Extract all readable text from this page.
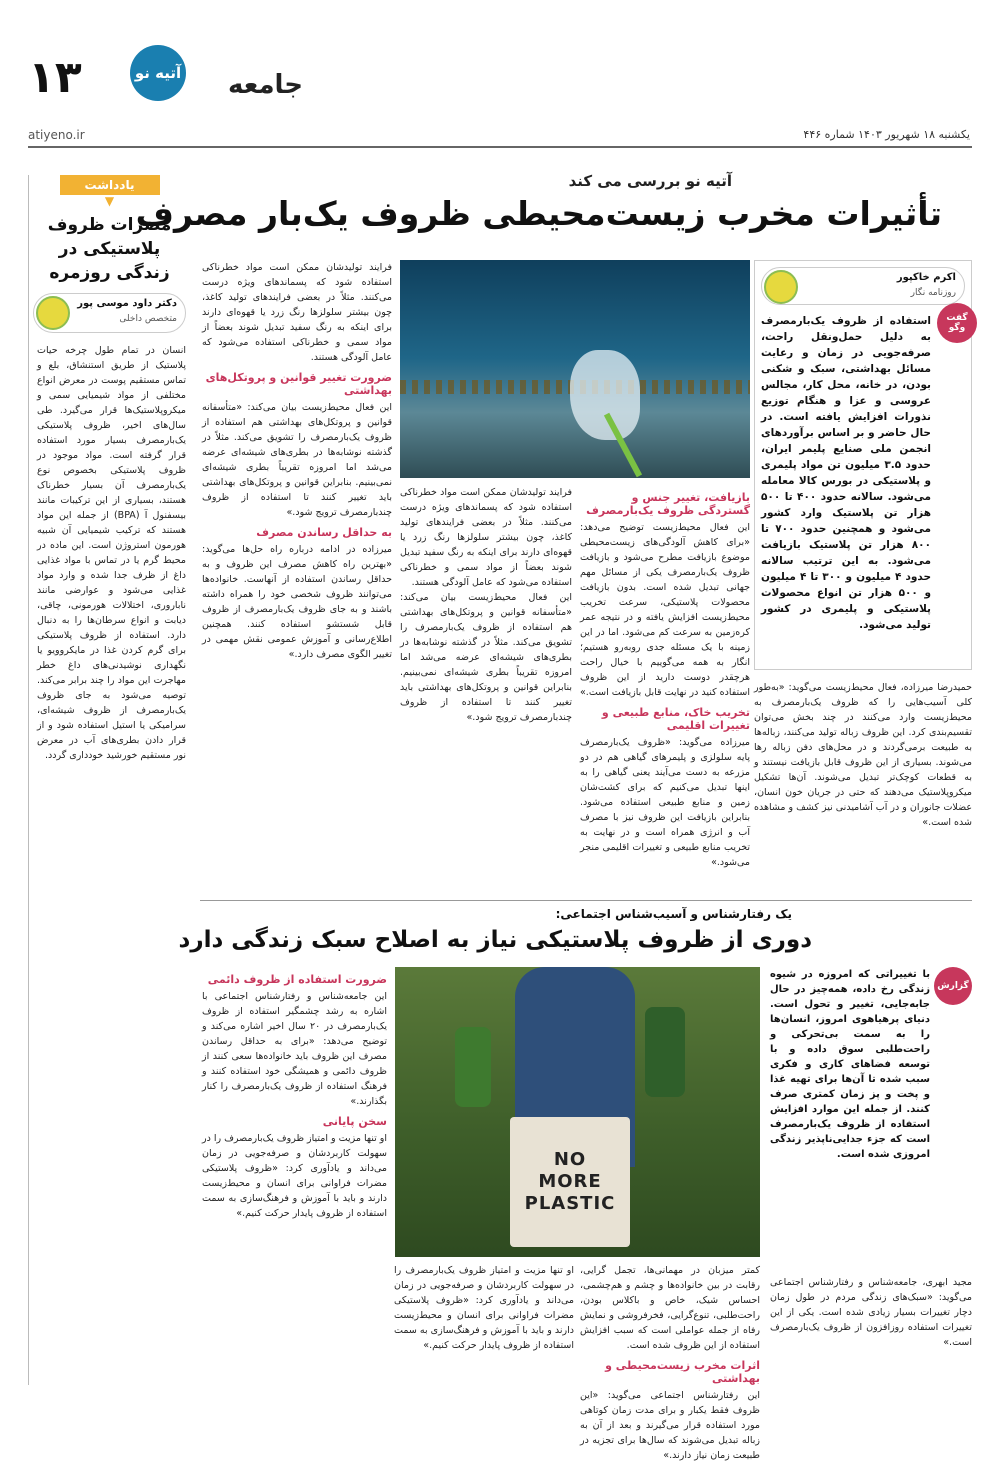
۱۳	آتیه نو جامعه
atiyeno.ir	یکشنبه ۱۸ شهریور ۱۴۰۳ شماره ۴۴۶
یادداشت
▼
مضرات ظروف پلاستیکی در زندگی روزمره
دکتر داود موسی پور
متخصص داخلی

انسان در تمام طول چرخه حیات پلاستیک از طریق استنشاق، بلع و تماس مستقیم پوست در معرض انواع مختلفی از مواد شیمیایی سمی و میکروپلاستیک‌ها قرار می‌گیرد. طی سال‌های اخیر، ظروف پلاستیکی یک‌بارمصرف بسیار مورد استفاده قرار گرفته است. مواد موجود در ظروف پلاستیکی بخصوص نوع یک‌بارمصرف آن بسیار خطرناک هستند، بسیاری از این ترکیبات مانند بیسفنول آ (BPA) از جمله این مواد هستند که ترکیب شیمیایی آن شبیه هورمون استروژن است. این ماده در محیط گرم یا در تماس با مواد غذایی داغ از ظرف جدا شده و وارد مواد غذایی می‌شود و عوارضی مانند ناباروری، اختلالات هورمونی، چاقی، دیابت و انواع سرطان‌ها را به دنبال دارد. استفاده از ظروف پلاستیکی برای گرم کردن غذا در مایکروویو یا نگهداری نوشیدنی‌های داغ خطر مهاجرت این مواد را چند برابر می‌کند. توصیه می‌شود به جای ظروف یک‌بارمصرف از ظروف شیشه‌ای، سرامیکی یا استیل استفاده شود و از قرار دادن بطری‌های آب در معرض نور مستقیم خورشید خودداری گردد.

آتیه نو بررسی می کند
تأثیرات مخرب زیست‌محیطی ظروف یک‌بار مصرف
اکرم خاکپور
روزنامه نگار
گفت وگو

استفاده از ظروف یک‌بارمصرف به دلیل حمل‌ونقل راحت، صرفه‌جویی در زمان و رعایت مسائل بهداشتی، سبک و شکنی بودن، در خانه، محل کار، مجالس عروسی و عزا و هنگام توزیع نذورات افزایش یافته است. در حال حاضر و بر اساس برآوردهای انجمن ملی صنایع پلیمر ایران، حدود ۳.۵ میلیون تن مواد پلیمری و پلاستیکی در بورس کالا معامله می‌شود. سالانه حدود ۴۰۰ تا ۵۰۰ هزار تن پلاستیک وارد کشور می‌شود و همچنین حدود ۷۰۰ تا ۸۰۰ هزار تن پلاستیک بازیافت می‌شود. به این ترتیب سالانه حدود ۴ میلیون و ۳۰۰ تا ۴ میلیون و ۵۰۰ هزار تن انواع محصولات پلاستیکی و پلیمری در کشور تولید می‌شود.

حمیدرضا میرزاده، فعال محیط‌زیست می‌گوید: «به‌طور کلی آسیب‌هایی را که ظروف یک‌بارمصرف به محیط‌زیست وارد می‌کنند در چند بخش می‌توان تقسیم‌بندی کرد. این ظروف زباله تولید می‌کنند، زباله‌ها به طبیعت برمی‌گردند و در محل‌های دفن زباله رها می‌شوند. بسیاری از این ظروف قابل بازیافت نیستند و به قطعات کوچک‌تر تبدیل می‌شوند. آن‌ها تشکیل میکروپلاستیک می‌دهند که حتی در جریان خون انسان، عضلات جانوران و در آب آشامیدنی نیز کشف و مشاهده شده است.»

بازیافت، تغییر جنس و گستردگی ظروف یک‌بارمصرف

این فعال محیط‌زیست توضیح می‌دهد: «برای کاهش آلودگی‌های زیست‌محیطی موضوع بازیافت مطرح می‌شود و بازیافت ظروف یک‌بارمصرف یکی از مسائل مهم جهانی تبدیل شده است. بدون بازیافت محصولات پلاستیکی، سرعت تخریب محیط‌زیست افزایش یافته و در نتیجه عمر کره‌زمین به سرعت کم می‌شود. اما در این زمینه با یک مسئله جدی روبه‌رو هستیم؛ انگار به همه می‌گوییم با خیال راحت هرچقدر دوست دارید از این ظروف استفاده کنید در نهایت قابل بازیافت است.»

تخریب خاک، منابع طبیعی و تغییرات اقلیمی

میرزاده می‌گوید: «ظروف یک‌بارمصرف پایه سلولزی و پلیمرهای گیاهی هم در دو مزرعه به دست می‌آیند یعنی گیاهی را به اینها تبدیل می‌کنیم که برای کشت‌شان زمین و منابع طبیعی استفاده می‌شود. بنابراین بازیافت این ظروف نیز با مصرف آب و انرژی همراه است و در نهایت به تخریب منابع طبیعی و تغییرات اقلیمی منجر می‌شود.»

فرایند تولیدشان ممکن است مواد خطرناکی استفاده شود که پسماندهای ویژه درست می‌کنند. مثلاً در بعضی فرایندهای تولید کاغذ، چون بیشتر سلولزها رنگ زرد یا قهوه‌ای دارند برای اینکه به رنگ سفید تبدیل شوند بعضاً از مواد سمی و خطرناکی استفاده می‌شود که عامل آلودگی هستند.

این فعال محیط‌زیست بیان می‌کند: «متأسفانه قوانین و پروتکل‌های بهداشتی هم استفاده از ظروف یک‌بارمصرف را تشویق می‌کند. مثلاً در گذشته نوشابه‌ها در بطری‌های شیشه‌ای عرضه می‌شد اما امروزه تقریباً بطری شیشه‌ای نمی‌بینیم. بنابراین قوانین و پروتکل‌های بهداشتی باید تغییر کنند تا استفاده از ظروف چندبارمصرف ترویج شود.»

فرایند تولیدشان ممکن است مواد خطرناکی استفاده شود که پسماندهای ویژه درست می‌کنند. مثلاً در بعضی فرایندهای تولید کاغذ، چون بیشتر سلولزها رنگ زرد یا قهوه‌ای دارند برای اینکه به رنگ سفید تبدیل شوند بعضاً از مواد سمی و خطرناکی استفاده می‌شود که عامل آلودگی هستند.

ضرورت تغییر قوانین و پروتکل‌های بهداشتی

این فعال محیط‌زیست بیان می‌کند: «متأسفانه قوانین و پروتکل‌های بهداشتی هم استفاده از ظروف یک‌بارمصرف را تشویق می‌کند. مثلاً در گذشته نوشابه‌ها در بطری‌های شیشه‌ای عرضه می‌شد اما امروزه تقریباً بطری شیشه‌ای نمی‌بینیم. بنابراین قوانین و پروتکل‌های بهداشتی باید تغییر کنند تا استفاده از ظروف چندبارمصرف ترویج شود.»

به حداقل رساندن مصرف

میرزاده در ادامه درباره راه حل‌ها می‌گوید: «بهترین راه کاهش مصرف این ظروف و به حداقل رساندن استفاده از آنهاست. خانواده‌ها می‌توانند ظروف شخصی خود را همراه داشته باشند و به جای ظروف یک‌بارمصرف از ظروف قابل شستشو استفاده کنند. همچنین اطلاع‌رسانی و آموزش عمومی نقش مهمی در تغییر الگوی مصرف دارد.»

یک رفتارشناس و آسیب‌شناس اجتماعی:
دوری از ظروف پلاستیکی نیاز به اصلاح سبک زندگی دارد
گزارش

با تغییراتی که امروزه در شیوه زندگی رخ داده، همه‌چیز در حال جابه‌جایی، تغییر و تحول است. دنیای پرهیاهوی امروز، انسان‌ها را به سمت بی‌تحرکی و راحت‌طلبی سوق داده و با توسعه فضاهای کاری و فکری سبب شده تا آن‌ها برای تهیه غذا و پخت و پز زمان کمتری صرف کنند. از جمله این موارد افزایش استفاده از ظروف یک‌بارمصرف است که جزء جدایی‌ناپذیر زندگی امروزی شده است.

مجید ابهری، جامعه‌شناس و رفتارشناس اجتماعی می‌گوید: «سبک‌های زندگی مردم در طول زمان دچار تغییرات بسیار زیادی شده است. یکی از این تغییرات استفاده روزافزون از ظروف یک‌بارمصرف است.»

NO
MORE
PLASTIC

کمتر میزبان در مهمانی‌ها، تجمل گرایی، رقابت در بین خانواده‌ها و چشم و هم‌چشمی، احساس شیک، خاص و باکلاس بودن، راحت‌طلبی، تنوع‌گرایی، فخرفروشی و نمایش رفاه از جمله عواملی است که سبب افزایش استفاده از این ظروف شده است.

اثرات مخرب زیست‌محیطی و بهداشتی

این رفتارشناس اجتماعی می‌گوید: «این ظروف فقط یکبار و برای مدت زمان کوتاهی مورد استفاده قرار می‌گیرند و بعد از آن به زباله تبدیل می‌شوند که سال‌ها برای تجزیه در طبیعت زمان نیاز دارند.»

او تنها مزیت و امتیاز ظروف یک‌بارمصرف را در سهولت کاربردشان و صرفه‌جویی در زمان می‌داند و یادآوری کرد: «ظروف پلاستیکی مضرات فراوانی برای انسان و محیط‌زیست دارند و باید با آموزش و فرهنگ‌سازی به سمت استفاده از ظروف پایدار حرکت کنیم.»

ضرورت استفاده از ظروف دائمی

این جامعه‌شناس و رفتارشناس اجتماعی با اشاره به رشد چشمگیر استفاده از ظروف یک‌بارمصرف در ۲۰ سال اخیر اشاره می‌کند و توضیح می‌دهد: «برای به حداقل رساندن مصرف این ظروف باید خانواده‌ها سعی کنند از ظروف دائمی و همیشگی خود استفاده کنند و فرهنگ استفاده از ظروف یک‌بارمصرف را کنار بگذارند.»

سخن پایانی

او تنها مزیت و امتیاز ظروف یک‌بارمصرف را در سهولت کاربردشان و صرفه‌جویی در زمان می‌داند و یادآوری کرد: «ظروف پلاستیکی مضرات فراوانی برای انسان و محیط‌زیست دارند و باید با آموزش و فرهنگ‌سازی به سمت استفاده از ظروف پایدار حرکت کنیم.»
